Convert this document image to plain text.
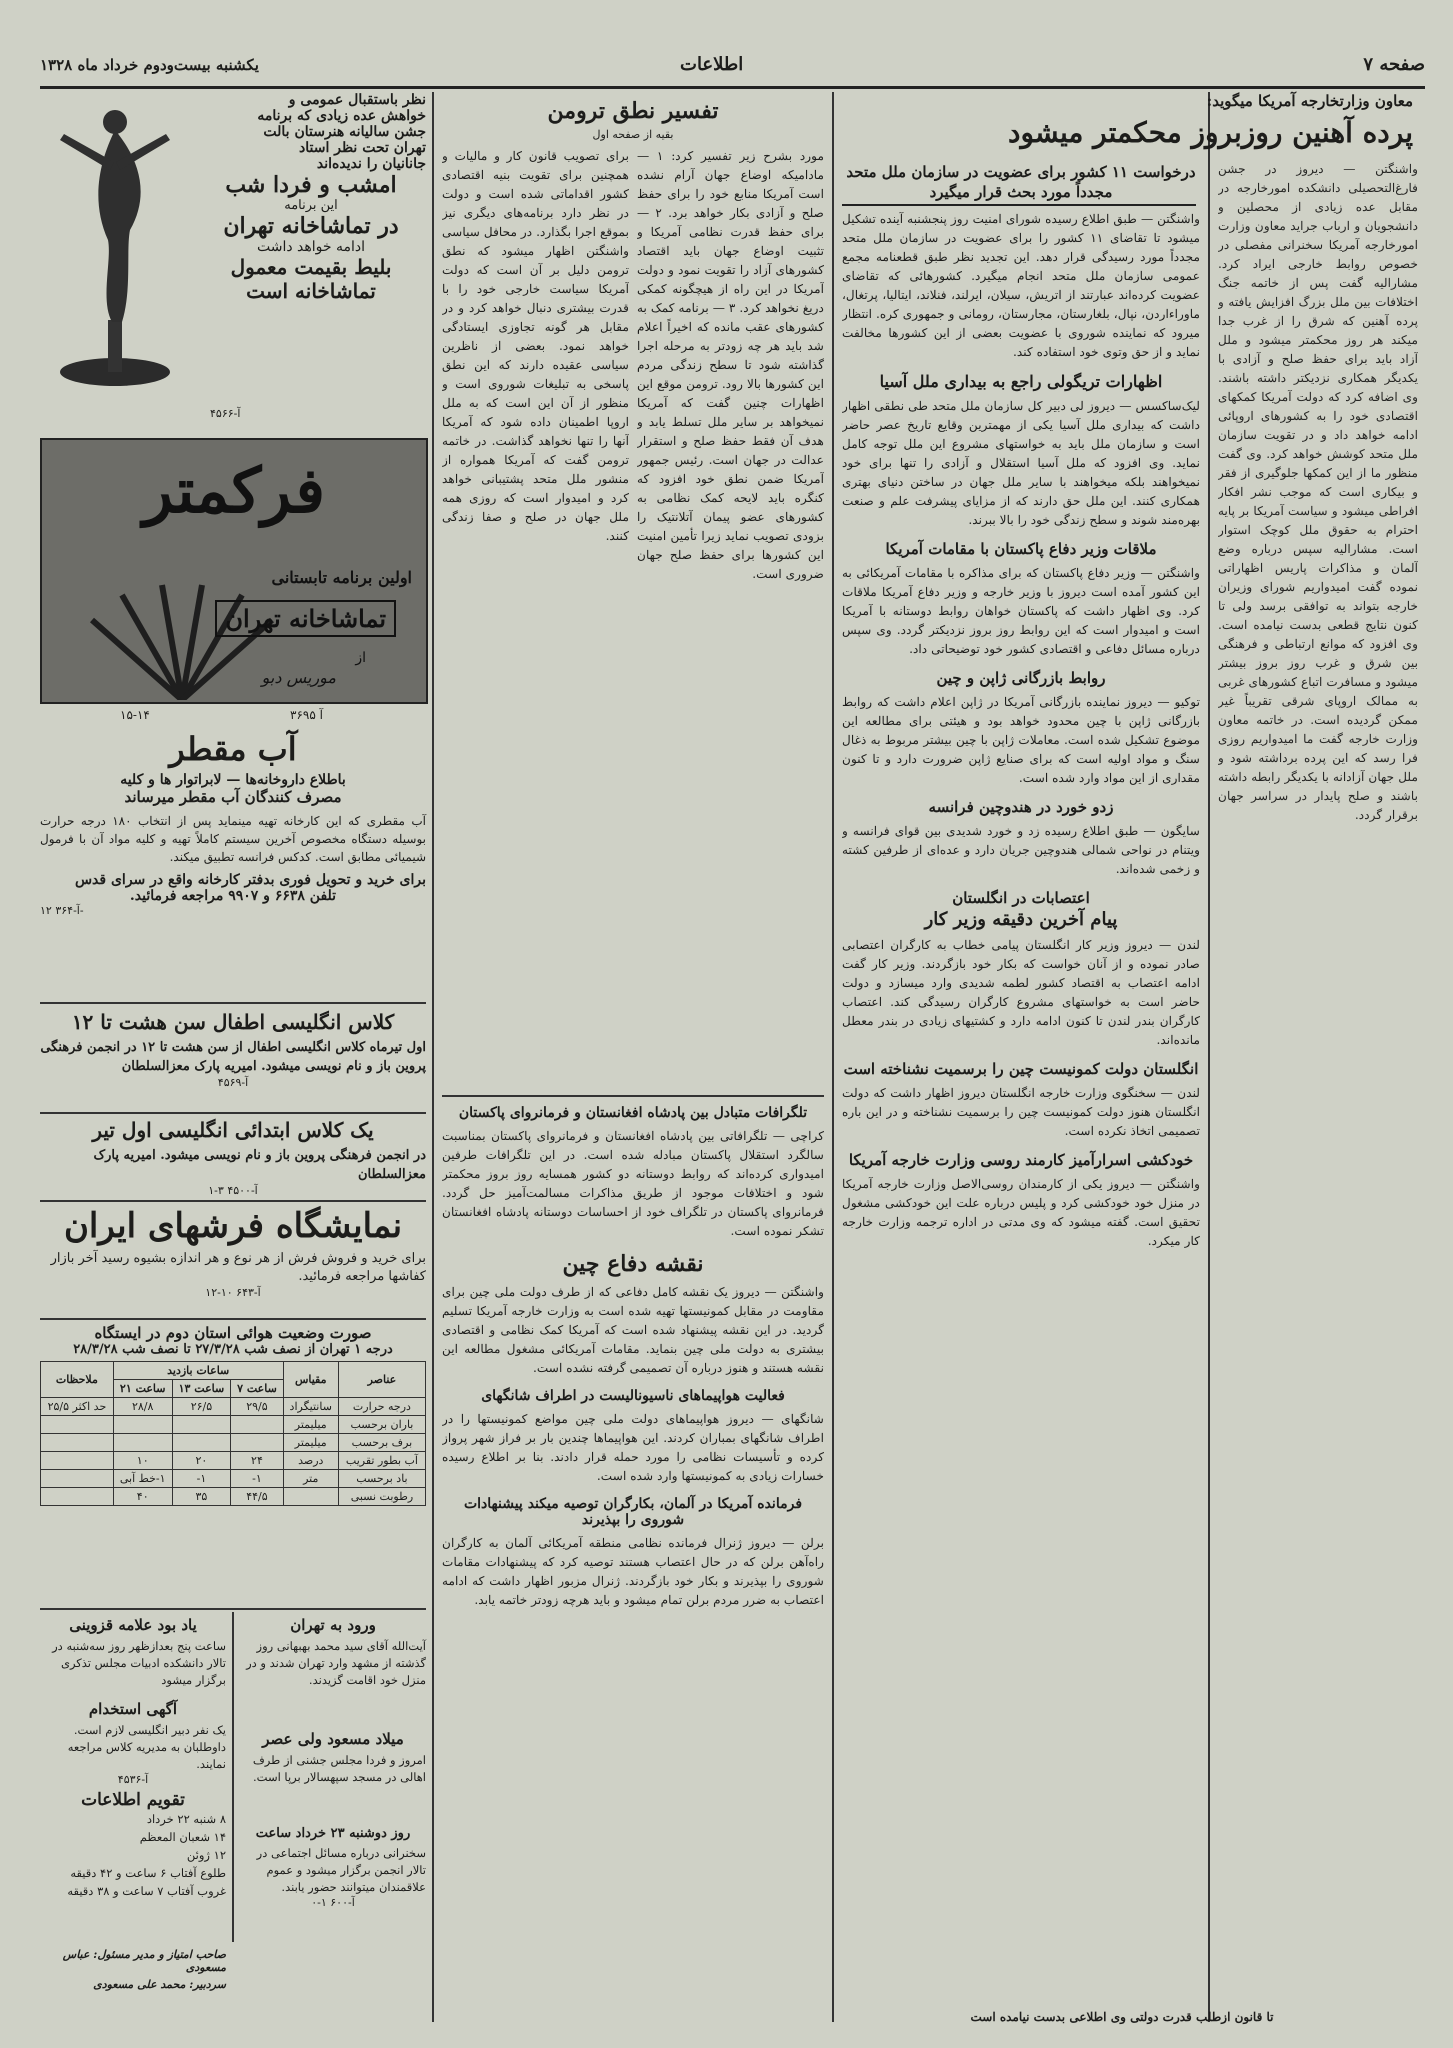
یکشنبه بیست‌ودوم خرداد ماه ۱۳۲۸	اطلاعات	صفحه ۷
معاون وزارتخارجه آمریکا میگوید:
پرده آهنین روزبروز محکمتر میشود

واشنگتن — دیروز در جشن فارغ‌التحصیلی دانشکده امورخارجه در مقابل عده زیادی از محصلین و دانشجویان و ارباب جراید معاون وزارت امورخارجه آمریکا سخنرانی مفصلی در خصوص روابط خارجی ایراد کرد. مشارالیه گفت پس از خاتمه جنگ اختلافات بین ملل بزرگ افزایش یافته و پرده آهنین که شرق را از غرب جدا میکند هر روز محکمتر میشود و ملل آزاد باید برای حفظ صلح و آزادی با یکدیگر همکاری نزدیکتر داشته باشند. وی اضافه کرد که دولت آمریکا کمکهای اقتصادی خود را به کشورهای اروپائی ادامه خواهد داد و در تقویت سازمان ملل متحد کوشش خواهد کرد. وی گفت منظور ما از این کمکها جلوگیری از فقر و بیکاری است که موجب نشر افکار افراطی میشود و سیاست آمریکا بر پایه احترام به حقوق ملل کوچک استوار است. مشارالیه سپس درباره وضع آلمان و مذاکرات پاریس اظهاراتی نموده گفت امیدواریم شورای وزیران خارجه بتواند به توافقی برسد ولی تا کنون نتایج قطعی بدست نیامده است. وی افزود که موانع ارتباطی و فرهنگی بین شرق و غرب روز بروز بیشتر میشود و مسافرت اتباع کشورهای غربی به ممالک اروپای شرقی تقریباً غیر ممکن گردیده است. در خاتمه معاون وزارت خارجه گفت ما امیدواریم روزی فرا رسد که این پرده برداشته شود و ملل جهان آزادانه با یکدیگر رابطه داشته باشند و صلح پایدار در سراسر جهان برقرار گردد.

درخواست ۱۱ کشور برای عضویت در سازمان ملل متحد مجدداً مورد بحث قرار میگیرد

واشنگتن — طبق اطلاع رسیده شورای امنیت روز پنجشنبه آینده تشکیل میشود تا تقاضای ۱۱ کشور را برای عضویت در سازمان ملل متحد مجدداً مورد رسیدگی قرار دهد. این تجدید نظر طبق قطعنامه مجمع عمومی سازمان ملل متحد انجام میگیرد. کشورهائی که تقاضای عضویت کرده‌اند عبارتند از اتریش، سیلان، ایرلند، فنلاند، ایتالیا، پرتغال، ماوراءاردن، نپال، بلغارستان، مجارستان، رومانی و جمهوری کره. انتظار میرود که نماینده شوروی با عضویت بعضی از این کشورها مخالفت نماید و از حق وتوی خود استفاده کند.

اظهارات تریگولی راجع به بیداری ملل آسیا

لیک‌ساکسس — دیروز لی دبیر کل سازمان ملل متحد طی نطقی اظهار داشت که بیداری ملل آسیا یکی از مهمترین وقایع تاریخ عصر حاضر است و سازمان ملل باید به خواستهای مشروع این ملل توجه کامل نماید. وی افزود که ملل آسیا استقلال و آزادی را تنها برای خود نمیخواهند بلکه میخواهند با سایر ملل جهان در ساختن دنیای بهتری همکاری کنند. این ملل حق دارند که از مزایای پیشرفت علم و صنعت بهره‌مند شوند و سطح زندگی خود را بالا ببرند.

ملاقات وزیر دفاع پاکستان با مقامات آمریکا

واشنگتن — وزیر دفاع پاکستان که برای مذاکره با مقامات آمریکائی به این کشور آمده است دیروز با وزیر خارجه و وزیر دفاع آمریکا ملاقات کرد. وی اظهار داشت که پاکستان خواهان روابط دوستانه با آمریکا است و امیدوار است که این روابط روز بروز نزدیکتر گردد. وی سپس درباره مسائل دفاعی و اقتصادی کشور خود توضیحاتی داد.

روابط بازرگانی ژاپن و چین

توکیو — دیروز نماینده بازرگانی آمریکا در ژاپن اعلام داشت که روابط بازرگانی ژاپن با چین محدود خواهد بود و هیئتی برای مطالعه این موضوع تشکیل شده است. معاملات ژاپن با چین بیشتر مربوط به ذغال سنگ و مواد اولیه است که برای صنایع ژاپن ضرورت دارد و تا کنون مقداری از این مواد وارد شده است.

زدو خورد در هندوچین فرانسه

سایگون — طبق اطلاع رسیده زد و خورد شدیدی بین قوای فرانسه و ویتنام در نواحی شمالی هندوچین جریان دارد و عده‌ای از طرفین کشته و زخمی شده‌اند.

اعتصابات در انگلستان
پیام آخرین دقیقه وزیر کار

لندن — دیروز وزیر کار انگلستان پیامی خطاب به کارگران اعتصابی صادر نموده و از آنان خواست که بکار خود بازگردند. وزیر کار گفت ادامه اعتصاب به اقتصاد کشور لطمه شدیدی وارد میسازد و دولت حاضر است به خواستهای مشروع کارگران رسیدگی کند. اعتصاب کارگران بندر لندن تا کنون ادامه دارد و کشتیهای زیادی در بندر معطل مانده‌اند.

انگلستان دولت کمونیست چین را برسمیت نشناخته است

لندن — سخنگوی وزارت خارجه انگلستان دیروز اظهار داشت که دولت انگلستان هنوز دولت کمونیست چین را برسمیت نشناخته و در این باره تصمیمی اتخاذ نکرده است.

خودکشی اسرارآمیز کارمند روسی وزارت خارجه آمریکا

واشنگتن — دیروز یکی از کارمندان روسی‌الاصل وزارت خارجه آمریکا در منزل خود خودکشی کرد و پلیس درباره علت این خودکشی مشغول تحقیق است. گفته میشود که وی مدتی در اداره ترجمه وزارت خارجه کار میکرد.

تا قانون ازطلب قدرت دولتی وی اطلاعی بدست نیامده است
تفسیر نطق ترومن
بقیه از صفحه اول

مورد بشرح زیر تفسیر کرد: ۱ — مادامیکه اوضاع جهان آرام نشده است آمریکا منابع خود را برای حفظ صلح و آزادی بکار خواهد برد. ۲ — برای حفظ قدرت نظامی آمریکا و تثبیت اوضاع جهان باید اقتصاد کشورهای آزاد را تقویت نمود و دولت آمریکا در این راه از هیچگونه کمکی دریغ نخواهد کرد. ۳ — برنامه کمک به کشورهای عقب مانده که اخیراً اعلام شد باید هر چه زودتر به مرحله اجرا گذاشته شود تا سطح زندگی مردم این کشورها بالا رود. ترومن موقع این اظهارات چنین گفت که آمریکا نمیخواهد بر سایر ملل تسلط یابد و هدف آن فقط حفظ صلح و استقرار عدالت در جهان است. رئیس جمهور آمریکا ضمن نطق خود افزود که کنگره باید لایحه کمک نظامی به کشورهای عضو پیمان آتلانتیک را بزودی تصویب نماید زیرا تأمین امنیت این کشورها برای حفظ صلح جهان ضروری است.

برای تصویب قانون کار و مالیات و همچنین برای تقویت بنیه اقتصادی کشور اقداماتی شده است و دولت در نظر دارد برنامه‌های دیگری نیز بموقع اجرا بگذارد. در محافل سیاسی واشنگتن اظهار میشود که نطق ترومن دلیل بر آن است که دولت آمریکا سیاست خارجی خود را با قدرت بیشتری دنبال خواهد کرد و در مقابل هر گونه تجاوزی ایستادگی خواهد نمود. بعضی از ناظرین سیاسی عقیده دارند که این نطق پاسخی به تبلیغات شوروی است و منظور از آن این است که به ملل اروپا اطمینان داده شود که آمریکا آنها را تنها نخواهد گذاشت. در خاتمه ترومن گفت که آمریکا همواره از منشور ملل متحد پشتیبانی خواهد کرد و امیدوار است که روزی همه ملل جهان در صلح و صفا زندگی کنند.

تلگرافات متبادل بین پادشاه افغانستان و فرمانروای پاکستان

کراچی — تلگرافاتی بین پادشاه افغانستان و فرمانروای پاکستان بمناسبت سالگرد استقلال پاکستان مبادله شده است. در این تلگرافات طرفین امیدواری کرده‌اند که روابط دوستانه دو کشور همسایه روز بروز محکمتر شود و اختلافات موجود از طریق مذاکرات مسالمت‌آمیز حل گردد. فرمانروای پاکستان در تلگراف خود از احساسات دوستانه پادشاه افغانستان تشکر نموده است.

نقشه دفاع چین

واشنگتن — دیروز یک نقشه کامل دفاعی که از طرف دولت ملی چین برای مقاومت در مقابل کمونیستها تهیه شده است به وزارت خارجه آمریکا تسلیم گردید. در این نقشه پیشنهاد شده است که آمریکا کمک نظامی و اقتصادی بیشتری به دولت ملی چین بنماید. مقامات آمریکائی مشغول مطالعه این نقشه هستند و هنوز درباره آن تصمیمی گرفته نشده است.

فعالیت هواپیماهای ناسیونالیست در اطراف شانگهای

شانگهای — دیروز هواپیماهای دولت ملی چین مواضع کمونیستها را در اطراف شانگهای بمباران کردند. این هواپیماها چندین بار بر فراز شهر پرواز کرده و تأسیسات نظامی را مورد حمله قرار دادند. بنا بر اطلاع رسیده خسارات زیادی به کمونیستها وارد شده است.

فرمانده آمریکا در آلمان، بکارگران توصیه میکند پیشنهادات شوروی را بپذیرند

برلن — دیروز ژنرال فرمانده نظامی منطقه آمریکائی آلمان به کارگران راه‌آهن برلن که در حال اعتصاب هستند توصیه کرد که پیشنهادات مقامات شوروی را بپذیرند و بکار خود بازگردند. ژنرال مزبور اظهار داشت که ادامه اعتصاب به ضرر مردم برلن تمام میشود و باید هرچه زودتر خاتمه یابد.

نظر باستقبال عمومی و
خواهش عده زیادی که برنامه
جشن سالیانه هنرستان بالت
تهران تحت نظر استاد
جانانیان را ندیده‌اند
امشب و فردا شب
این برنامه
در تماشاخانه تهران
ادامه خواهد داشت
بلیط بقیمت معمول
تماشاخانه است
آ-۴۵۶۶
فرکمتر
اولین برنامه تابستانی
تماشاخانه تهران
از
موریس دبو
۱۵-۱۴	۳۶۹۵ آ
آب مقطر
باطلاع داروخانه‌ها — لابراتوار ها و کلیه
مصرف کنندگان آب مقطر میرساند

آب مقطری که این کارخانه تهیه مینماید پس از انتخاب ۱۸۰ درجه حرارت بوسیله دستگاه مخصوص آخرین سیستم کاملاً تهیه و کلیه مواد آن با فرمول شیمیائی مطابق است. کدکس فرانسه تطبیق میکند.

برای خرید و تحویل فوری بدفتر کارخانه واقع در سرای قدس
تلفن ۶۶۳۸ و ۹۹۰۷ مراجعه فرمائید.
آ-۳۶۴ ۱۲-
کلاس انگلیسی اطفال سن هشت تا ۱۲

اول تیرماه کلاس انگلیسی اطفال از سن هشت تا ۱۲ در انجمن فرهنگی پروین باز و نام نویسی میشود. امیریه پارک معزالسلطان

آ-۴۵۶۹
یک کلاس ابتدائی انگلیسی اول تیر

در انجمن فرهنگی پروین باز و نام نویسی میشود. امیریه پارک معزالسلطان

آ-۴۵۰۰ ۳-۱
نمایشگاه فرشهای ایران

برای خرید و فروش فرش از هر نوع و هر اندازه بشیوه رسید آخر بازار کفاشها مراجعه فرمائید.

آ-۶۴۳ ۱۰-۱۲
صورت وضعیت هوائی استان دوم در ایستگاه
درجه ۱ تهران از نصف شب ۲۷/۳/۲۸ تا نصف شب ۲۸/۳/۲۸
عناصر	مقیاس	ساعات بازدید			ملاحظات
		ساعت ۷	ساعت ۱۳	ساعت ۲۱	
درجه حرارت	سانتیگراد	۲۹/۵	۲۶/۵	۲۸/۸	حد اکثر ۲۵/۵
باران برحسب	میلیمتر				
برف برحسب	میلیمتر				
آب بطور تقریب	درصد	۲۴	۲۰	۱۰	
باد برحسب	متر	۱-	۱-	۱-خط آبی	
رطوبت نسبی		۴۴/۵	۳۵	۴۰	
یاد بود علامه قزوینی

ساعت پنج بعدازظهر روز سه‌شنبه در تالار دانشکده ادبیات مجلس تذکری برگزار میشود

ورود به تهران

آیت‌الله آقای سید محمد بهبهانی روز گذشته از مشهد وارد تهران شدند و در منزل خود اقامت گزیدند.

آگهی استخدام

یک نفر دبیر انگلیسی لازم است. داوطلبان به مدیریه کلاس مراجعه نمایند.

آ-۴۵۳۶
میلاد مسعود ولی عصر

امروز و فردا مجلس جشنی از طرف اهالی در مسجد سپهسالار برپا است.

تقویم اطلاعات
۸ شنبه ۲۲ خرداد
۱۴ شعبان المعظم
۱۲ ژوئن
طلوع آفتاب ۶ ساعت و ۴۲ دقیقه
غروب آفتاب ۷ ساعت و ۳۸ دقیقه
روز دوشنبه ۲۳ خرداد ساعت

سخنرانی درباره مسائل اجتماعی در تالار انجمن برگزار میشود و عموم علاقمندان میتوانند حضور یابند.

آ-۶۰۰ ۱-۰
صاحب امتیاز و مدیر مسئول: عباس مسعودی
سردبیر: محمد علی مسعودی
